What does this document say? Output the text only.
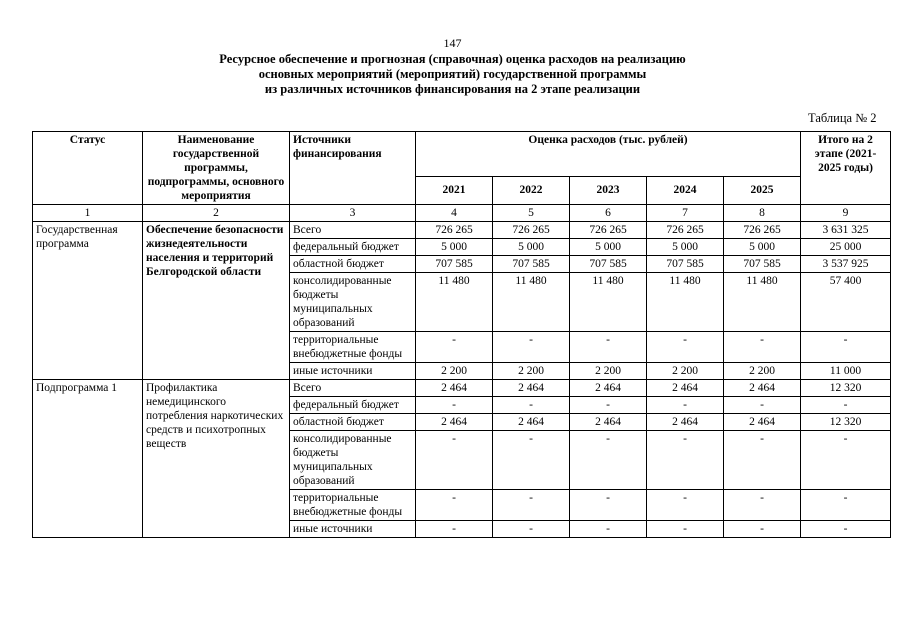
147
Ресурсное обеспечение и прогнозная (справочная) оценка расходов на реализацию
основных мероприятий (мероприятий) государственной программы
из различных источников финансирования на 2 этапе реализации
Таблица № 2
Статус	Наименование государственной программы, подпрограммы, основного мероприятия	Источники финансирования	Оценка расходов (тыс. рублей)					Итого на 2 этапе (2021-2025 годы)
			2021	2022	2023	2024	2025	
1	2	3	4	5	6	7	8	9
Государственная программа	Обеспечение безопасности жизнедеятельности населения и территорий Белгородской области	Всего	726 265	726 265	726 265	726 265	726 265	3 631 325
		федеральный бюджет	5 000	5 000	5 000	5 000	5 000	25 000
		областной бюджет	707 585	707 585	707 585	707 585	707 585	3 537 925
		консолидированные бюджеты муниципальных образований	11 480	11 480	11 480	11 480	11 480	57 400
		территориальные внебюджетные фонды	-	-	-	-	-	-
		иные источники	2 200	2 200	2 200	2 200	2 200	11 000
Подпрограмма 1	Профилактика немедицинского потребления наркотических средств и психотропных веществ	Всего	2 464	2 464	2 464	2 464	2 464	12 320
		федеральный бюджет	-	-	-	-	-	-
		областной бюджет	2 464	2 464	2 464	2 464	2 464	12 320
		консолидированные бюджеты муниципальных образований	-	-	-	-	-	-
		территориальные внебюджетные фонды	-	-	-	-	-	-
		иные источники	-	-	-	-	-	-
